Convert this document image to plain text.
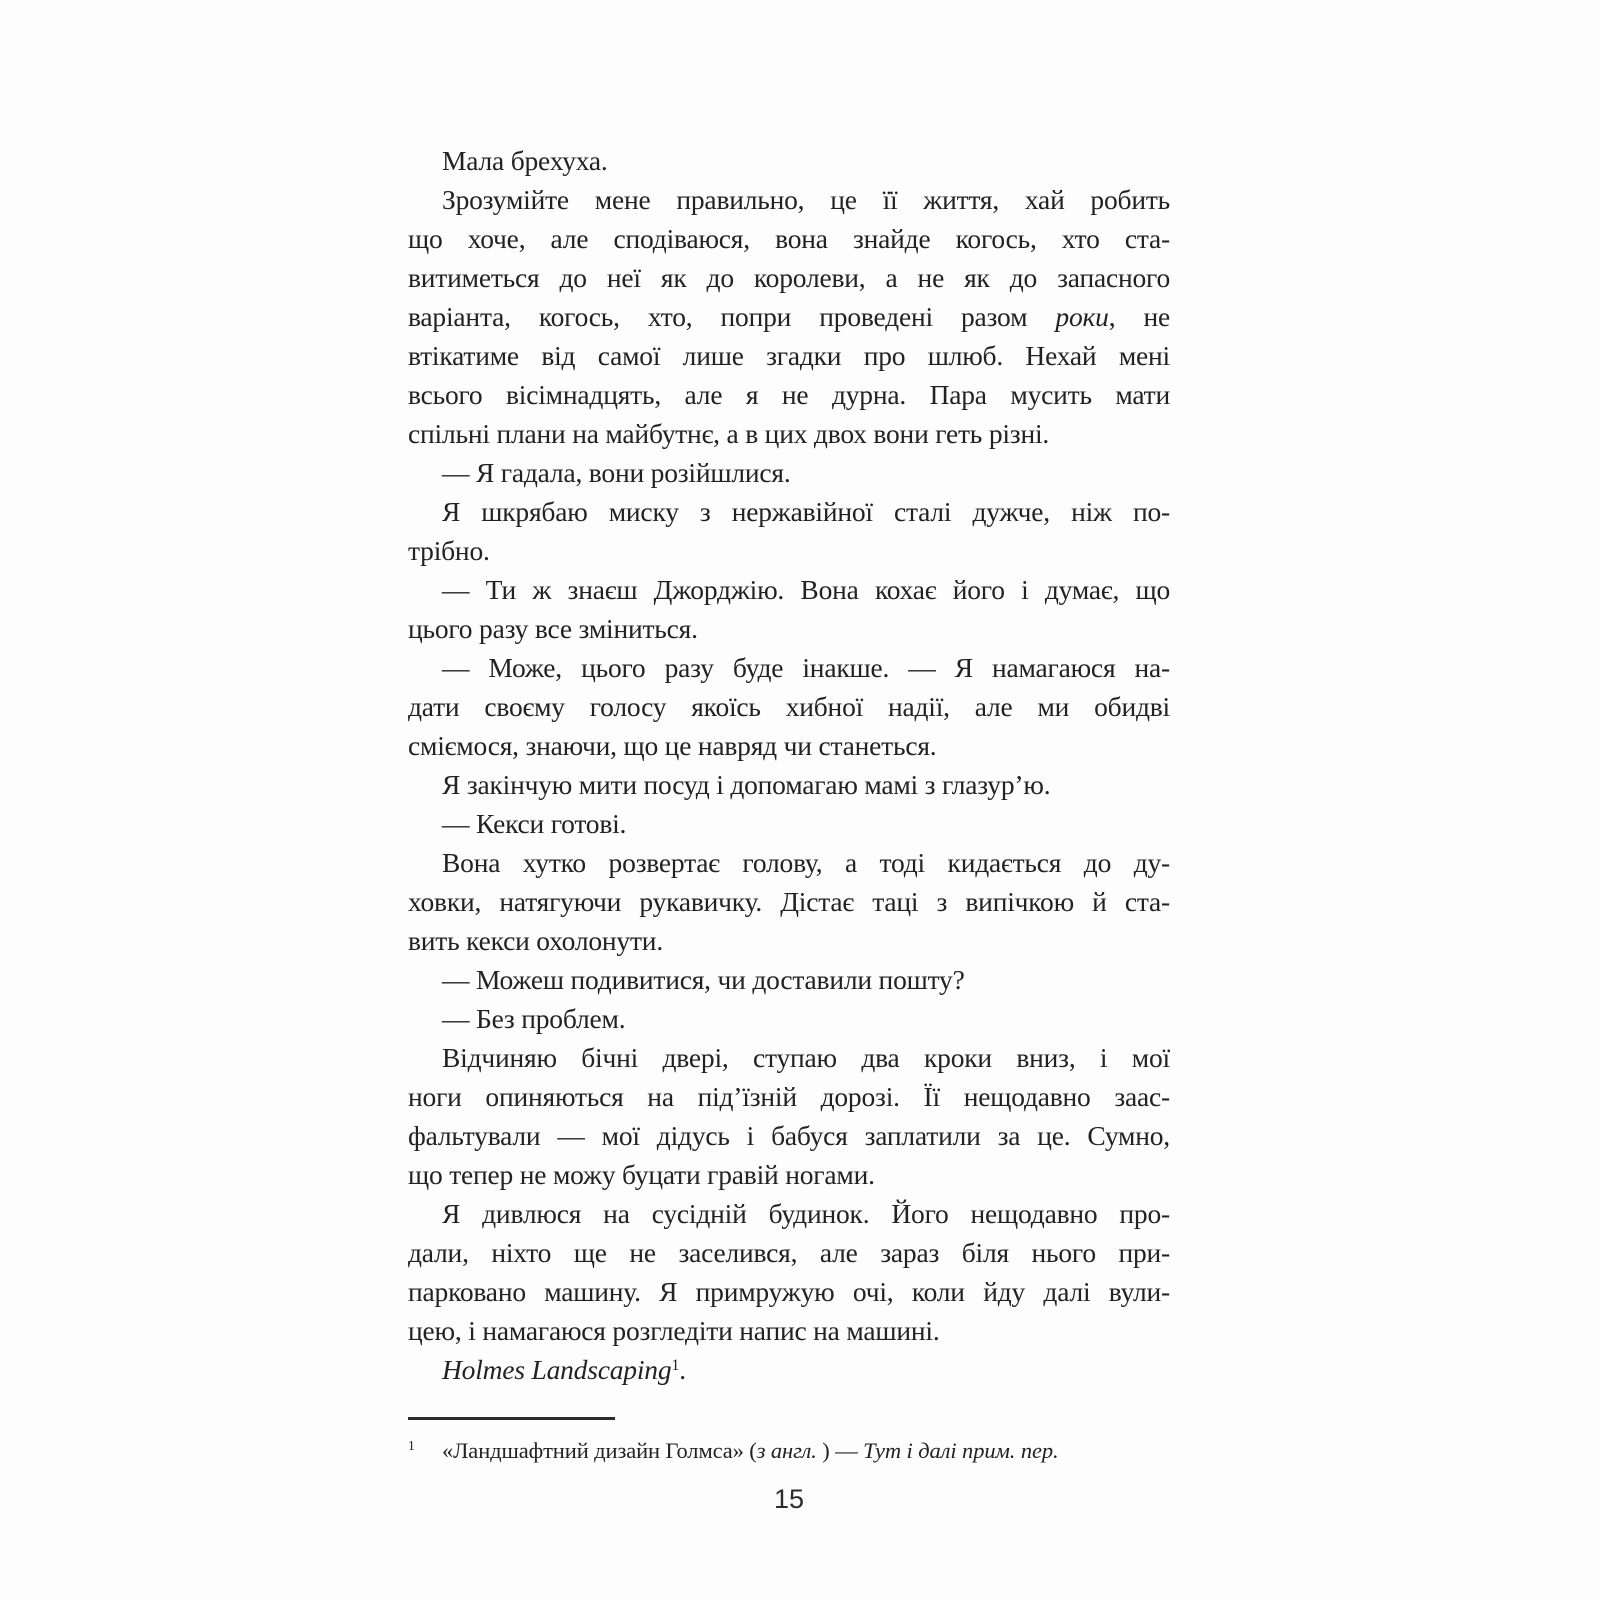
Мала брехуха.
Зрозумійте мене правильно, це її життя, хай робить
що хоче, але сподіваюся, вона знайде когось, хто ста-
витиметься до неї як до королеви, а не як до запасного
варіанта, когось, хто, попри проведені разом роки, не
втікатиме від самої лише згадки про шлюб. Нехай мені
всього вісімнадцять, але я не дурна. Пара мусить мати
спільні плани на майбутнє, а в цих двох вони геть різні.
— Я гадала, вони розійшлися.
Я шкрябаю миску з нержавійної сталі дужче, ніж по-
трібно.
— Ти ж знаєш Джорджію. Вона кохає його і думає, що
цього разу все зміниться.
— Може, цього разу буде інакше. — Я намагаюся на-
дати своєму голосу якоїсь хибної надії, але ми обидві
сміємося, знаючи, що це навряд чи станеться.
Я закінчую мити посуд і допомагаю мамі з глазур’ю.
— Кекси готові.
Вона хутко розвертає голову, а тоді кидається до ду-
ховки, натягуючи рукавичку. Дістає таці з випічкою й ста-
вить кекси охолонути.
— Можеш подивитися, чи доставили пошту?
— Без проблем.
Відчиняю бічні двері, ступаю два кроки вниз, і мої
ноги опиняються на під’їзній дорозі. Її нещодавно заас-
фальтували — мої дідусь і бабуся заплатили за це. Сумно,
що тепер не можу буцати гравій ногами.
Я дивлюся на сусідній будинок. Його нещодавно про-
дали, ніхто ще не заселився, але зараз біля нього при-
парковано машину. Я примружую очі, коли йду далі вули-
цею, і намагаюся розгледіти напис на машині.
Holmes Landscaping$^1$.
1 «Ландшафтний дизайн Голмса» (з англ. ) — Тут і далі прим. пер.
15
